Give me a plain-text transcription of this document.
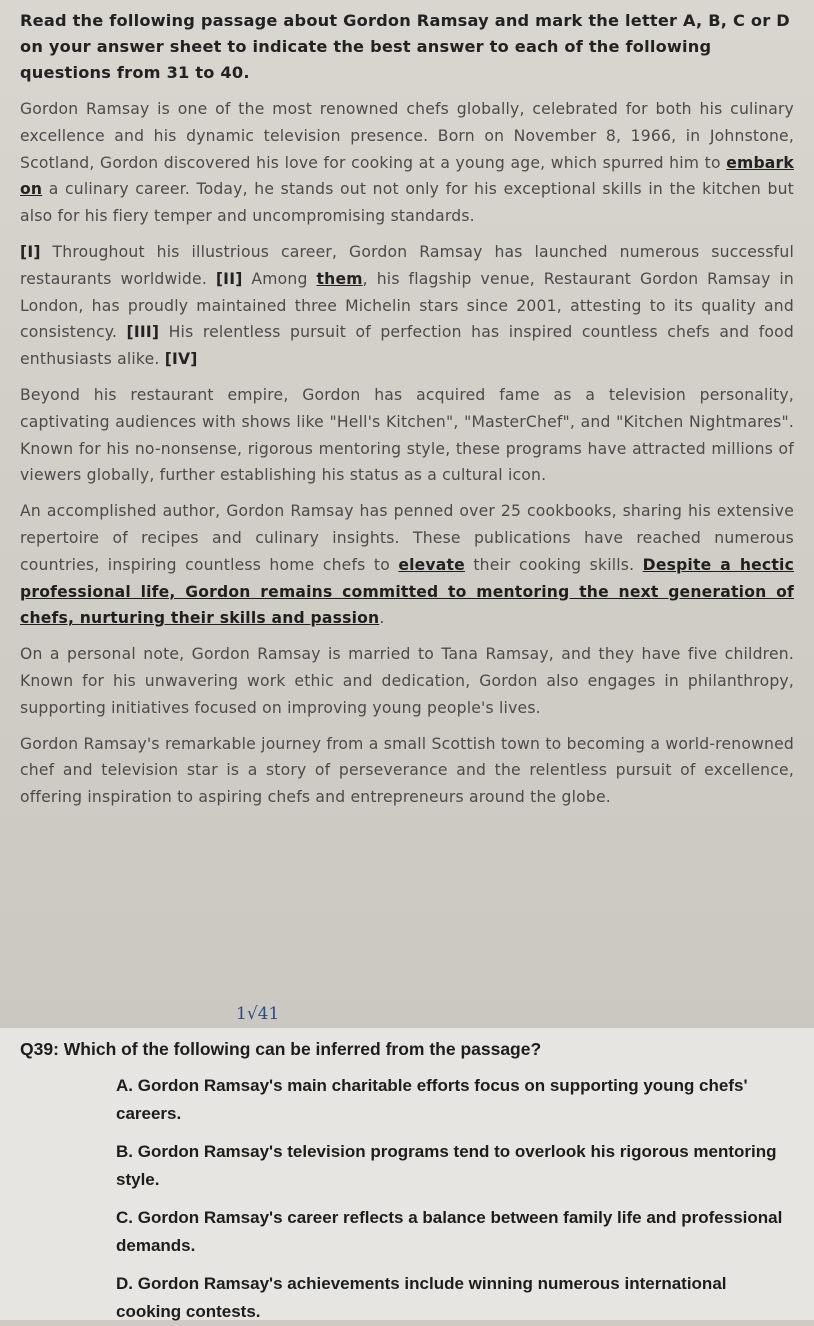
Read the following passage about Gordon Ramsay and mark the letter A, B, C or D on your answer sheet to indicate the best answer to each of the following questions from 31 to 40.

Gordon Ramsay is one of the most renowned chefs globally, celebrated for both his culinary excellence and his dynamic television presence. Born on November 8, 1966, in Johnstone, Scotland, Gordon discovered his love for cooking at a young age, which spurred him to embark on a culinary career. Today, he stands out not only for his exceptional skills in the kitchen but also for his fiery temper and uncompromising standards.

[I] Throughout his illustrious career, Gordon Ramsay has launched numerous successful restaurants worldwide. [II] Among them, his flagship venue, Restaurant Gordon Ramsay in London, has proudly maintained three Michelin stars since 2001, attesting to its quality and consistency. [III] His relentless pursuit of perfection has inspired countless chefs and food enthusiasts alike. [IV]

Beyond his restaurant empire, Gordon has acquired fame as a television personality, captivating audiences with shows like "Hell's Kitchen", "MasterChef", and "Kitchen Nightmares". Known for his no-nonsense, rigorous mentoring style, these programs have attracted millions of viewers globally, further establishing his status as a cultural icon.

An accomplished author, Gordon Ramsay has penned over 25 cookbooks, sharing his extensive repertoire of recipes and culinary insights. These publications have reached numerous countries, inspiring countless home chefs to elevate their cooking skills. Despite a hectic professional life, Gordon remains committed to mentoring the next generation of chefs, nurturing their skills and passion.

On a personal note, Gordon Ramsay is married to Tana Ramsay, and they have five children. Known for his unwavering work ethic and dedication, Gordon also engages in philanthropy, supporting initiatives focused on improving young people's lives.

Gordon Ramsay's remarkable journey from a small Scottish town to becoming a world-renowned chef and television star is a story of perseverance and the relentless pursuit of excellence, offering inspiration to aspiring chefs and entrepreneurs around the globe.

1√41

Q39: Which of the following can be inferred from the passage?

A. Gordon Ramsay's main charitable efforts focus on supporting young chefs' careers.
B. Gordon Ramsay's television programs tend to overlook his rigorous mentoring style.
C. Gordon Ramsay's career reflects a balance between family life and professional demands.
D. Gordon Ramsay's achievements include winning numerous international cooking contests.
